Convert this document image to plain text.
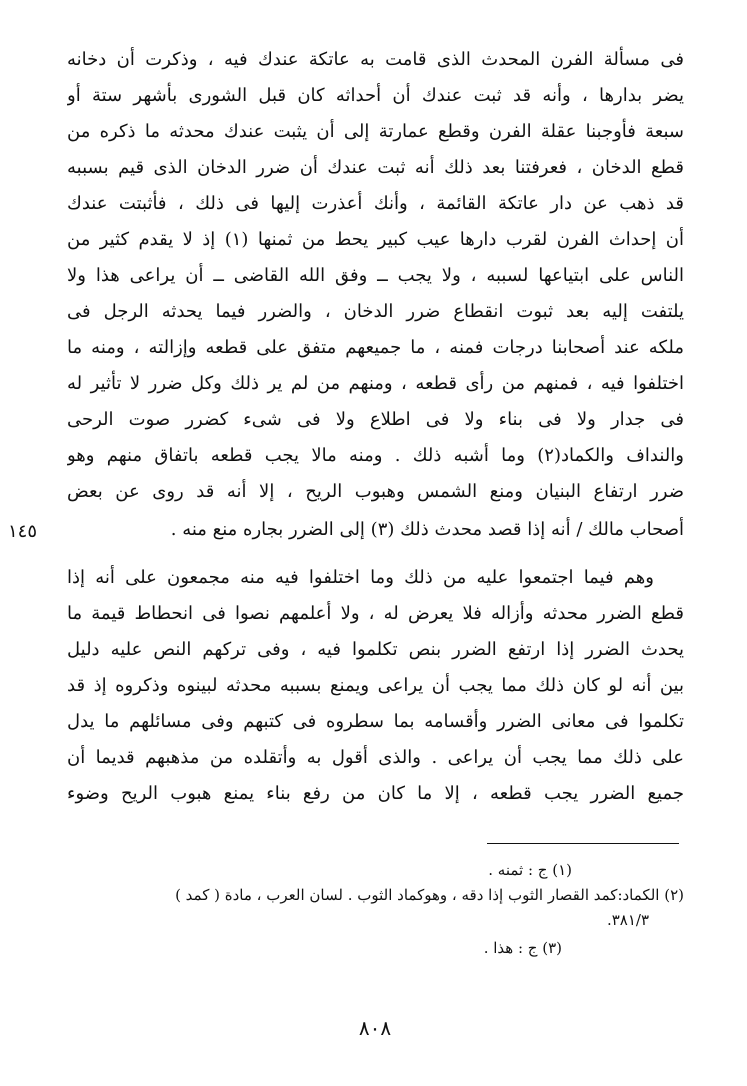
فى مسألة الفرن المحدث الذى قامت به عاتكة عندك فيه ، وذكرت أن دخانه
يضر بدارها ، وأنه قد ثبت عندك أن أحداثه كان قبل الشورى بأشهر ستة أو
سبعة فأوجبنا عقلة الفرن وقطع عمارتة إلى أن يثبت عندك محدثه ما ذكره من
قطع الدخان ، فعرفتنا بعد ذلك أنه ثبت عندك أن ضرر الدخان الذى قيم بسببه
قد ذهب عن دار عاتكة القائمة ، وأنك أعذرت إليها فى ذلك ، فأثبتت عندك
أن إحداث الفرن لقرب دارها عيب كبير يحط من ثمنها (١) إذ لا يقدم كثير من
الناس على ابتياعها لسببه ، ولا يجب ــ وفق الله القاضى ــ أن يراعى هذا ولا
يلتفت إليه بعد ثبوت انقطاع ضرر الدخان ، والضرر فيما يحدثه الرجل فى
ملكه عند أصحابنا درجات فمنه ، ما جميعهم متفق على قطعه وإزالته ، ومنه ما
اختلفوا فيه ، فمنهم من رأى قطعه ، ومنهم من لم ير ذلك وكل ضرر لا تأثير له
فى جدار ولا فى بناء ولا فى اطلاع ولا فى شىء كضرر صوت الرحى
والنداف والكماد(٢) وما أشبه ذلك . ومنه مالا يجب قطعه باتفاق منهم وهو
ضرر ارتفاع البنيان ومنع الشمس وهبوب الريح ، إلا أنه قد روى عن بعض
أصحاب مالك / أنه إذا قصد محدث ذلك (٣) إلى الضرر بجاره منع منه .
وهم فيما اجتمعوا عليه من ذلك وما اختلفوا فيه منه مجمعون على أنه إذا
قطع الضرر محدثه وأزاله فلا يعرض له ، ولا أعلمهم نصوا فى انحطاط قيمة ما
يحدث الضرر إذا ارتفع الضرر بنص تكلموا فيه ، وفى تركهم النص عليه دليل
بين أنه لو كان ذلك مما يجب أن يراعى ويمنع بسببه محدثه لبينوه وذكروه إذ قد
تكلموا فى معانى الضرر وأقسامه بما سطروه فى كتبهم وفى مسائلهم ما يدل
على ذلك مما يجب أن يراعى . والذى أقول به وأتقلده من مذهبهم قديما أن
جميع الضرر يجب قطعه ، إلا ما كان من رفع بناء يمنع هبوب الريح وضوء
١٤٥
(١) ج : ثمنه .
(٢) الكماد:كمد القصار الثوب إذا دقه ، وهوكماد الثوب . لسان العرب ، مادة ( كمد )
٣٨١/٣.
(٣) ج : هذا .
٨٠٨
